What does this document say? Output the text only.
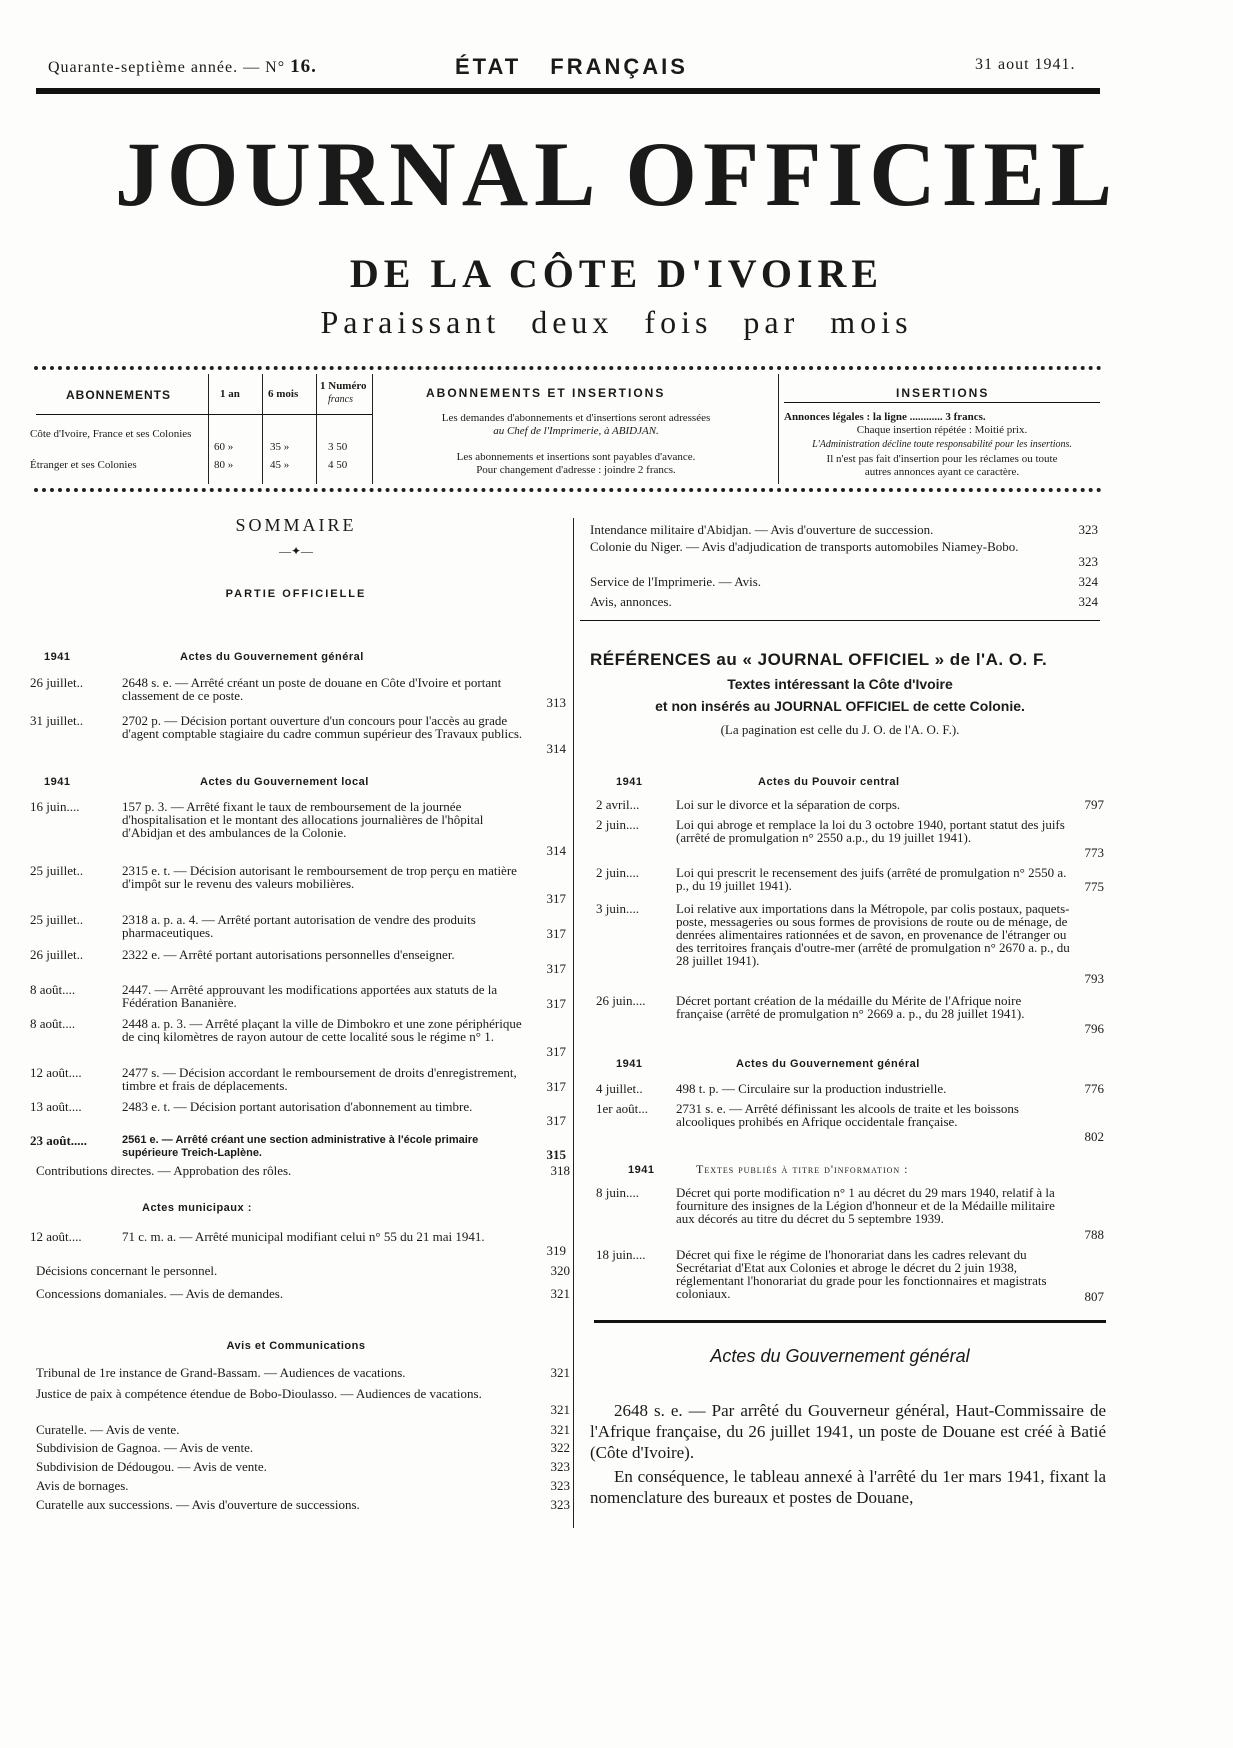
Quarante-septième année. — N° 16.	ÉTAT FRANÇAIS	31 aout 1941.
JOURNAL OFFICIEL
DE LA CÔTE D'IVOIRE
Paraissant deux fois par mois
ABONNEMENTS	1 an	6 mois
1 Numéro
francs
Côte d'Ivoire, France et ses Colonies
60 »	35 »	3 50
Étranger et ses Colonies	80 »	45 »	4 50
ABONNEMENTS ET INSERTIONS
Les demandes d'abonnements et d'insertions seront adressées
au Chef de l'Imprimerie, à ABIDJAN.
Les abonnements et insertions sont payables d'avance.
Pour changement d'adresse : joindre 2 francs.
INSERTIONS
Annonces légales : la ligne ............ 3 francs.
Chaque insertion répétée : Moitié prix.
L'Administration décline toute responsabilité pour les insertions.
Il n'est pas fait d'insertion pour les réclames ou toute
autres annonces ayant ce caractère.
SOMMAIRE
—✦—
PARTIE OFFICIELLE
1941	Actes du Gouvernement général
26 juillet..	2648 s. e. — Arrêté créant un poste de douane en Côte d'Ivoire et portant classement de ce poste.	313
31 juillet..	2702 p. — Décision portant ouverture d'un concours pour l'accès au grade d'agent comptable stagiaire du cadre commun supérieur des Travaux publics.
314
1941	Actes du Gouvernement local
16 juin....	157 p. 3. — Arrêté fixant le taux de remboursement de la journée d'hospitalisation et le montant des allocations journalières de l'hôpital d'Abidjan et des ambulances de la Colonie.
314
25 juillet..	2315 e. t. — Décision autorisant le remboursement de trop perçu en matière d'impôt sur le revenu des valeurs mobilières.
317
25 juillet..	2318 a. p. a. 4. — Arrêté portant autorisation de vendre des produits pharmaceutiques.	317
26 juillet..	2322 e. — Arrêté portant autorisations personnelles d'enseigner.
317
8 août....	2447. — Arrêté approuvant les modifications apportées aux statuts de la Fédération Bananière.	317
8 août....	2448 a. p. 3. — Arrêté plaçant la ville de Dimbokro et une zone périphérique de cinq kilomètres de rayon autour de cette localité sous le régime n° 1.
317
12 août....	2477 s. — Décision accordant le remboursement de droits d'enregistrement, timbre et frais de déplacements.	317
13 août....	2483 e. t. — Décision portant autorisation d'abonnement au timbre.
317
23 août.....	2561 e. — Arrêté créant une section administrative à l'école primaire supérieure Treich-Laplène.	315
Contributions directes. — Approbation des rôles.	318
Actes municipaux :
12 août....	71 c. m. a. — Arrêté municipal modifiant celui n° 55 du 21 mai 1941.
319
Décisions concernant le personnel.	320
Concessions domaniales. — Avis de demandes.	321
Avis et Communications
Tribunal de 1re instance de Grand-Bassam. — Audiences de vacations.	321
Justice de paix à compétence étendue de Bobo-Dioulasso. — Audiences de vacations.
321
Curatelle. — Avis de vente.	321
Subdivision de Gagnoa. — Avis de vente.	322
Subdivision de Dédougou. — Avis de vente.	323
Avis de bornages.	323
Curatelle aux successions. — Avis d'ouverture de successions.	323
Intendance militaire d'Abidjan. — Avis d'ouverture de succession.	323
Colonie du Niger. — Avis d'adjudication de transports automobiles Niamey-Bobo.
323
Service de l'Imprimerie. — Avis.	324
Avis, annonces.	324
RÉFÉRENCES au « JOURNAL OFFICIEL » de l'A. O. F.
Textes intéressant la Côte d'Ivoire
et non insérés au JOURNAL OFFICIEL de cette Colonie.
(La pagination est celle du J. O. de l'A. O. F.).
1941	Actes du Pouvoir central
2 avril...	Loi sur le divorce et la séparation de corps.	797
2 juin....	Loi qui abroge et remplace la loi du 3 octobre 1940, portant statut des juifs (arrêté de promulgation n° 2550 a.p., du 19 juillet 1941).
773
2 juin....	Loi qui prescrit le recensement des juifs (arrêté de promulgation n° 2550 a. p., du 19 juillet 1941).	775
3 juin....	Loi relative aux importations dans la Métropole, par colis postaux, paquets-poste, messageries ou sous formes de provisions de route ou de ménage, de denrées alimentaires rationnées et de savon, en provenance de l'étranger ou des territoires français d'outre-mer (arrêté de promulgation n° 2670 a. p., du 28 juillet 1941).
793
26 juin.... Décret portant création de la médaille du Mérite de l'Afrique noire française (arrêté de promulgation n° 2669 a. p., du 28 juillet 1941).
796
1941	Actes du Gouvernement général
4 juillet..	498 t. p. — Circulaire sur la production industrielle.	776
1er août... 2731 s. e. — Arrêté définissant les alcools de traite et les boissons alcooliques prohibés en Afrique occidentale française.
802
1941	Textes publiés à titre d'information :
8 juin....	Décret qui porte modification n° 1 au décret du 29 mars 1940, relatif à la fourniture des insignes de la Légion d'honneur et de la Médaille militaire aux décorés au titre du décret du 5 septembre 1939.
788
18 juin.... Décret qui fixe le régime de l'honorariat dans les cadres relevant du Secrétariat d'Etat aux Colonies et abroge le décret du 2 juin 1938, réglementant l'honorariat du grade pour les fonctionnaires et magistrats coloniaux.	807
Actes du Gouvernement général
2648 s. e. — Par arrêté du Gouverneur général, Haut-Commissaire de l'Afrique française, du 26 juillet 1941, un poste de Douane est créé à Batié (Côte d'Ivoire).
En conséquence, le tableau annexé à l'arrêté du 1er mars 1941, fixant la nomenclature des bureaux et postes de Douane,
